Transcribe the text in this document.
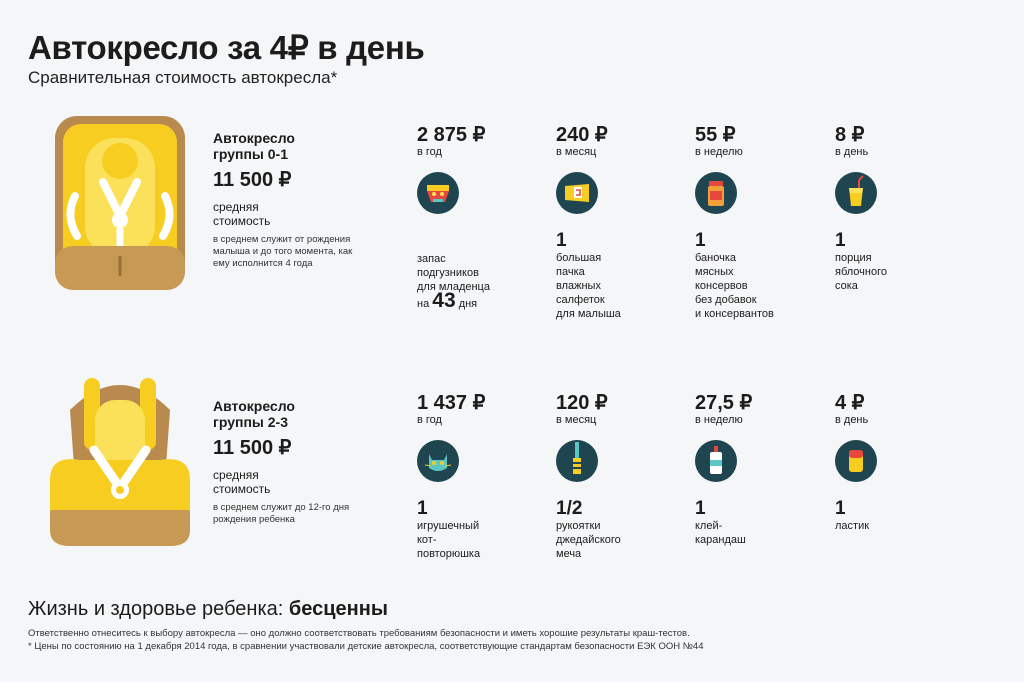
Автокресло за 4₽ в день
Сравнительная стоимость автокресла*
Автокресло группы 0-1
11 500 ₽
средняя стоимость
в среднем служит от рождения малыша и до того момента, как ему исполнится 4 года
2 875 ₽
в год
запас
подгузников
для младенца
на 43 дня
240 ₽
в месяц
1
большая
пачка
влажных
салфеток
для малыша
55 ₽
в неделю
1
баночка
мясных
консервов
без добавок
и консервантов
8 ₽
в день
1
порция
яблочного
сока
Автокресло группы 2-3
11 500 ₽
средняя стоимость
в среднем служит до 12-го дня рождения ребенка
1 437 ₽
в год
1
игрушечный
кот-
повторюшка
120 ₽
в месяц
1/2
рукоятки
джедайского
меча
27,5 ₽
в неделю
1
клей-
карандаш
4 ₽
в день
1
ластик
Жизнь и здоровье ребенка: бесценны
Ответственно отнеситесь к выбору автокресла — оно должно соответствовать требованиям безопасности и иметь хорошие результаты краш-тестов.
* Цены по состоянию на 1 декабря 2014 года, в сравнении участвовали детские автокресла, соответствующие стандартам безопасности ЕЭК ООН №44
